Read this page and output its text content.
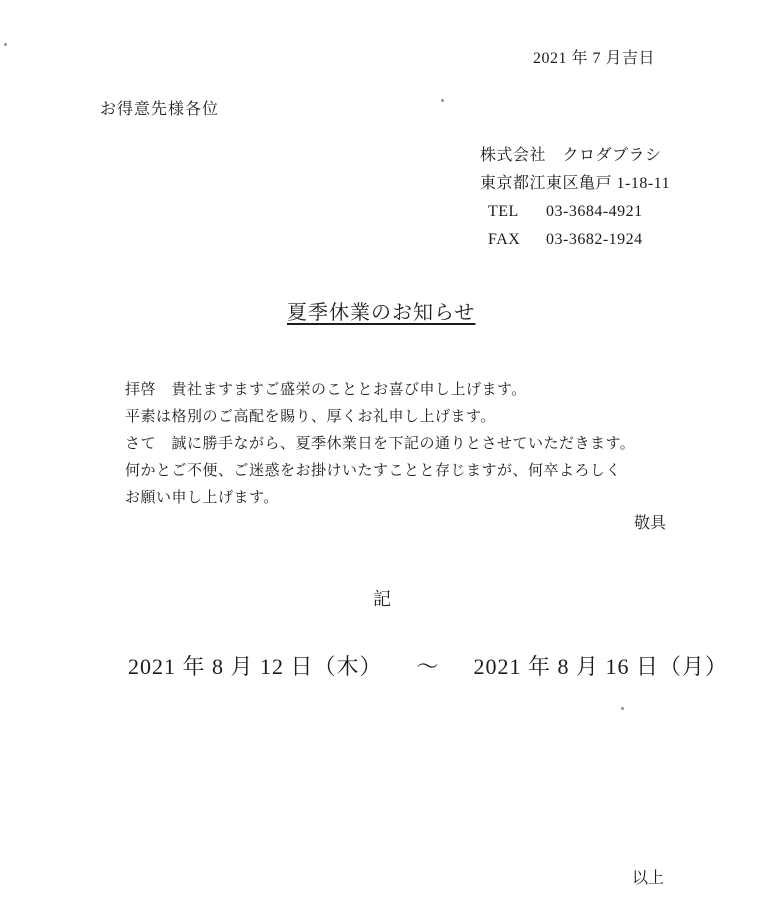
2021 年 7 月吉日
お得意先様各位
株式会社　クロダブラシ
東京都江東区亀戸 1-18-11
TEL	03-3684-4921
FAX	03-3682-1924
夏季休業のお知らせ
拝啓　貴社ますますご盛栄のこととお喜び申し上げます。
平素は格別のご高配を賜り、厚くお礼申し上げます。
さて　誠に勝手ながら、夏季休業日を下記の通りとさせていただきます。
何かとご不便、ご迷惑をお掛けいたすことと存じますが、何卒よろしく
お願い申し上げます。
敬具
記
2021 年 8 月 12 日（木） ～ 2021 年 8 月 16 日（月）
以上
